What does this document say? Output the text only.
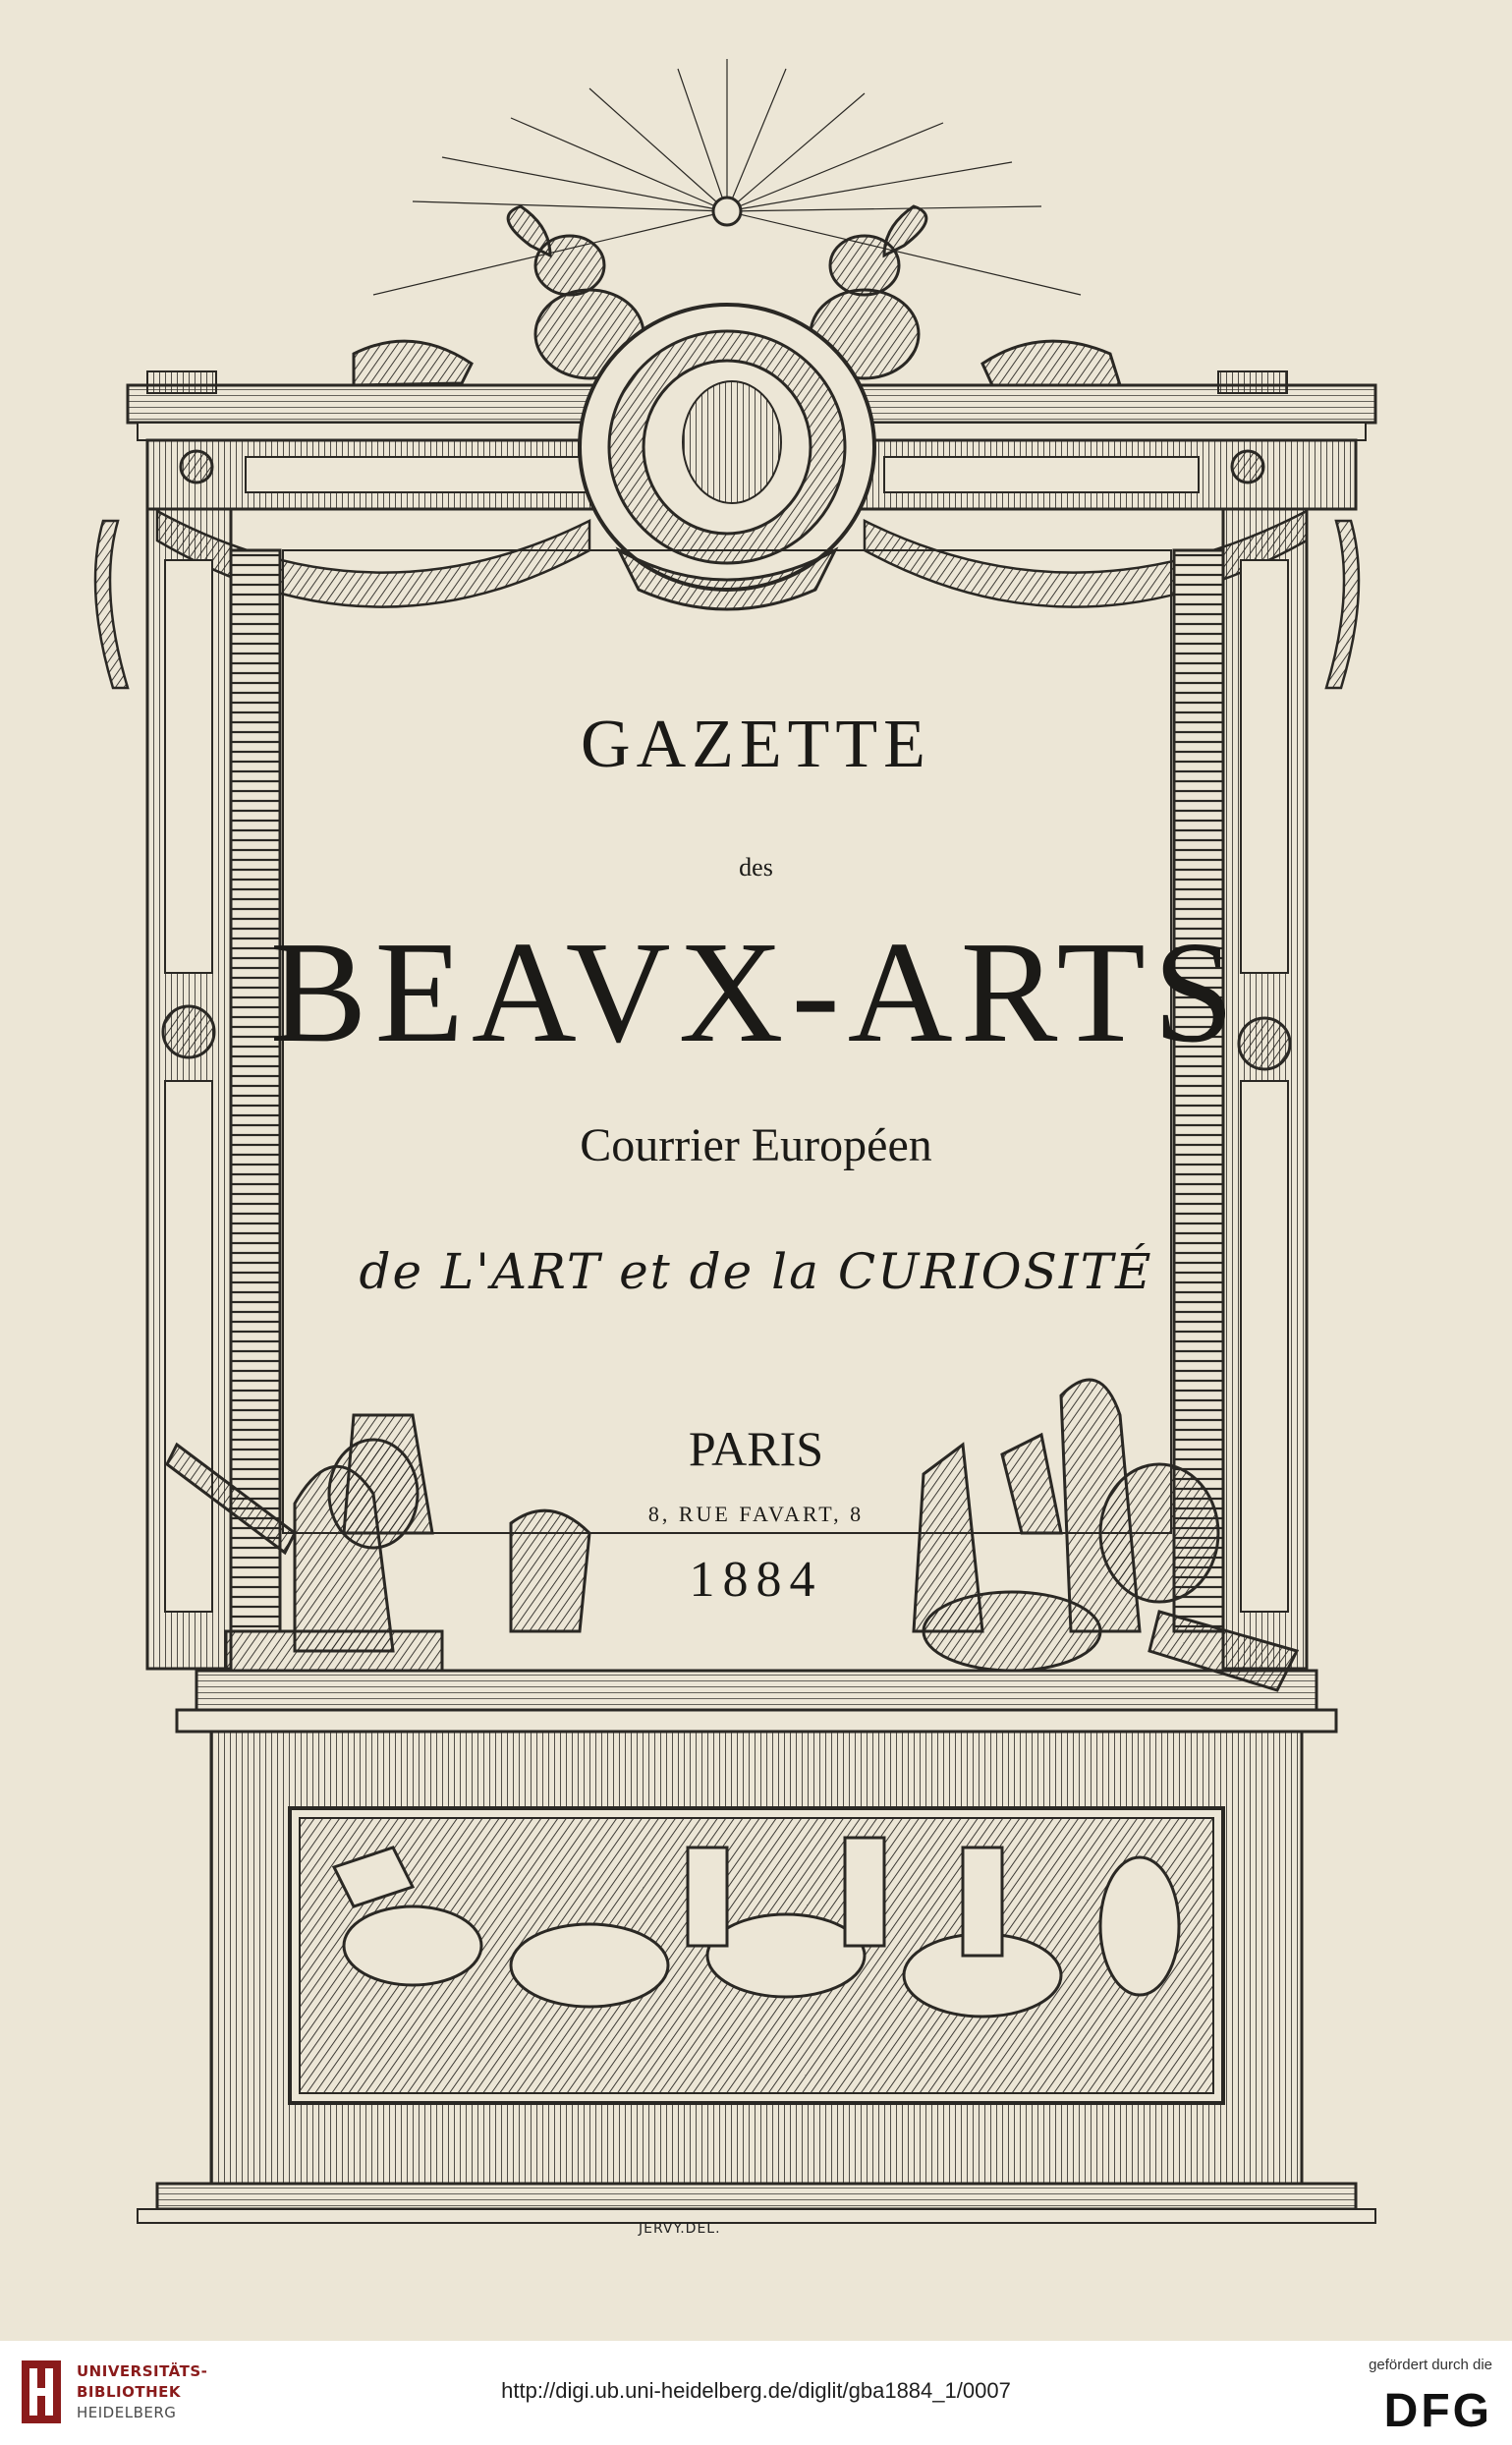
GAZETTE
des
BEAVX-ARTS
Courrier Européen
de L'ART et de la CURIOSITÉ
PARIS
8, RUE FAVART, 8
1884
JERVY.DEL.
UNIVERSITÄTS-
BIBLIOTHEK
HEIDELBERG
http://digi.ub.uni-heidelberg.de/diglit/gba1884_1/0007
gefördert durch die
DFG
